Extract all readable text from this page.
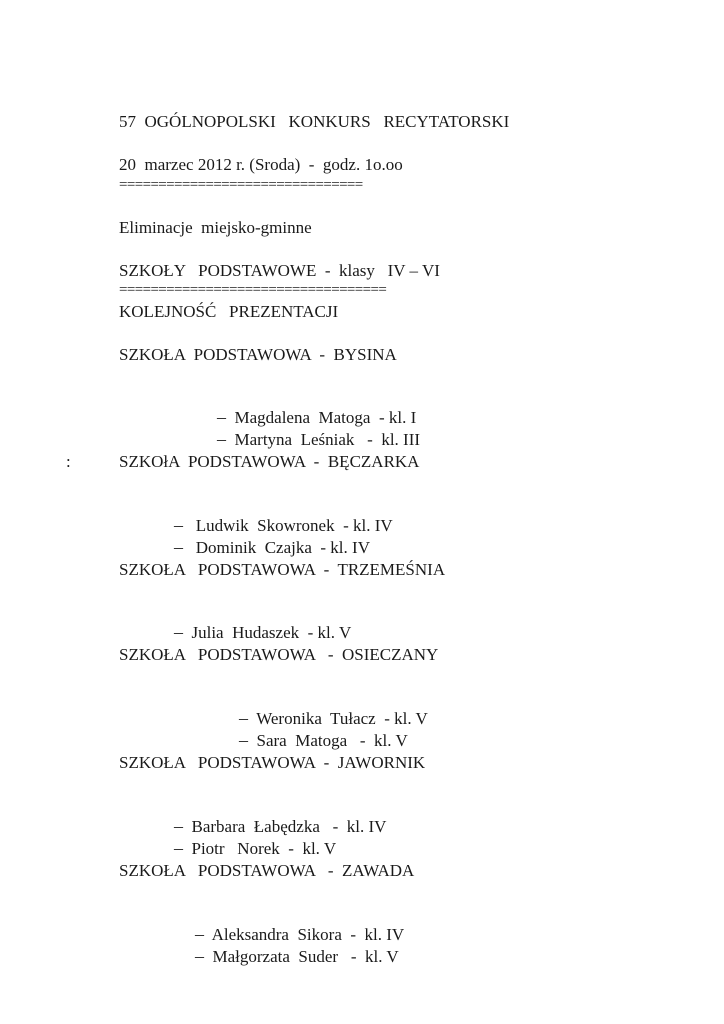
57  OGÓLNOPOLSKI   KONKURS   RECYTATORSKI
20  marzec 2012 r. (Sroda)  -  godz. 1o.oo
===============================
Eliminacje  miejsko-gminne
SZKOŁY   PODSTAWOWE  -  klasy   IV – VI
==================================
KOLEJNOŚĆ   PREZENTACJI
SZKOŁA  PODSTAWOWA  -  BYSINA

– Magdalena  Matoga  - kl. I

– Martyna  Leśniak   -  kl. III

:	SZKOłA  PODSTAWOWA  -  BĘCZARKA

–   Ludwik  Skowronek  - kl. IV

–   Dominik  Czajka  - kl. IV

SZKOŁA   PODSTAWOWA  -  TRZEMEŚNIA

– Julia  Hudaszek  - kl. V

SZKOŁA   PODSTAWOWA   -  OSIECZANY

– Weronika  Tułacz  - kl. V

– Sara  Matoga   -  kl. V

SZKOŁA   PODSTAWOWA  -  JAWORNIK

– Barbara  Łabędzka   -  kl. IV

– Piotr   Norek  -  kl. V

SZKOŁA   PODSTAWOWA   -  ZAWADA

– Aleksandra  Sikora  -  kl. IV

– Małgorzata  Suder   -  kl. V
